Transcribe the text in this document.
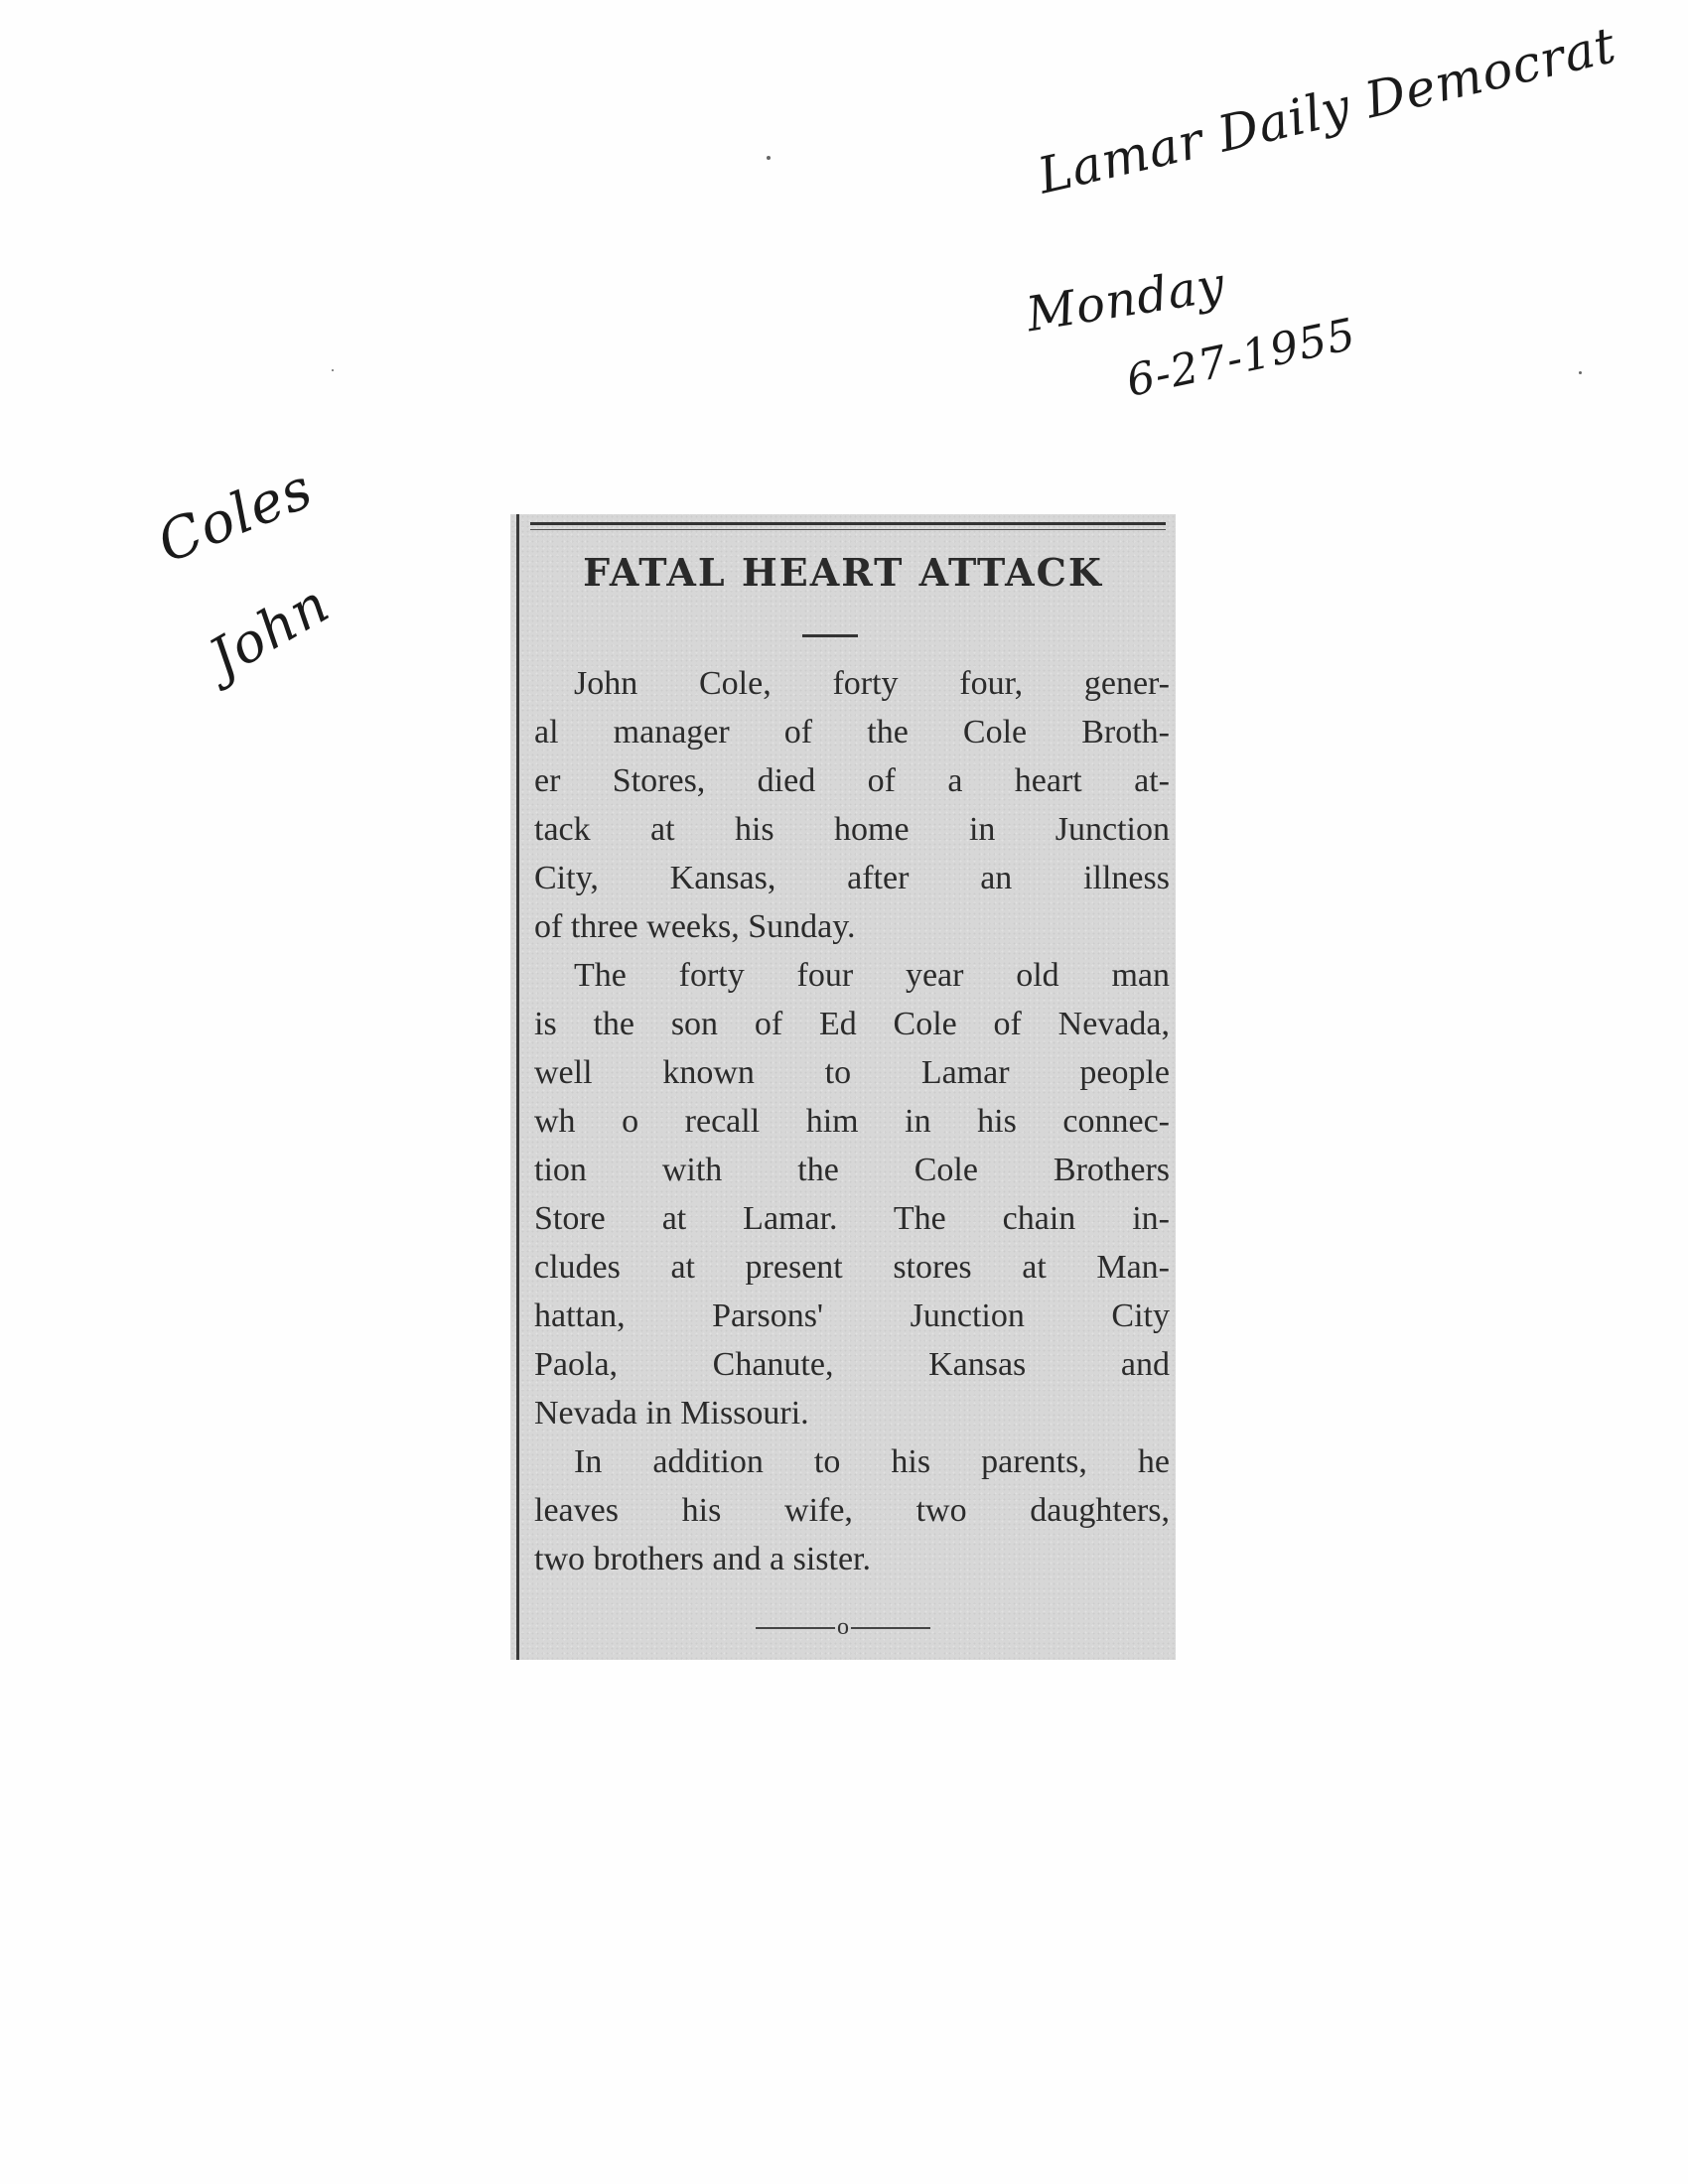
Lamar Daily Democrat
Monday
6-27-1955
Coles
John	FATAL HEART ATTACK
John Cole, forty four, gener-
al manager of the Cole Broth-
er Stores, died of a heart at-
tack at his home in Junction
City, Kansas, after an illness
of three weeks, Sunday.
The forty four year old man
is the son of Ed Cole of Nevada,
well known to Lamar people
wh o recall him in his connec-
tion with the Cole Brothers
Store at Lamar. The chain in-
cludes at present stores at Man-
hattan, Parsons' Junction City
Paola, Chanute, Kansas and
Nevada in Missouri.
In addition to his parents, he
leaves his wife, two daughters,
two brothers and a sister.
o
